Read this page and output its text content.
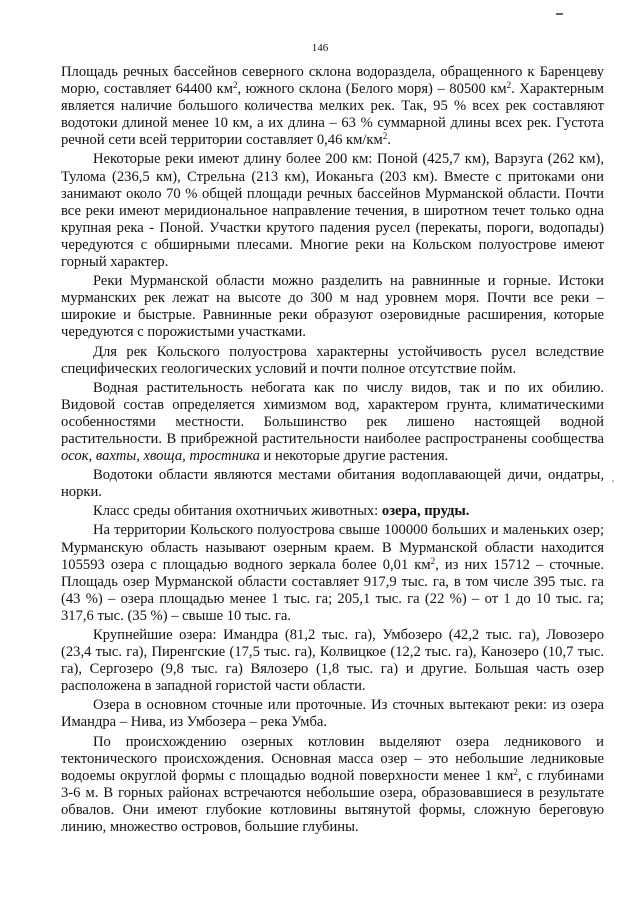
ʹ
146

Площадь речных бассейнов северного склона водораздела, обращенного к Баренцеву морю, составляет 64400 $км^2$, южного склона (Белого моря) – 80500 $км^2$. Характерным является наличие большого количества мелких рек. Так, 95 % всех рек составляют водотоки длиной менее 10 км, а их длина – 63 % суммарной длины всех рек. Густота речной сети всей территории составляет 0,46 $км/км^2$.

Некоторые реки имеют длину более 200 км: Поной (425,7 км), Варзуга (262 км), Тулома (236,5 км), Стрельна (213 км), Иоканьга (203 км). Вместе с притоками они занимают около 70 % общей площади речных бассейнов Мурманской области. Почти все реки имеют меридиональное направление течения, в широтном течет только одна крупная река - Поной. Участки крутого падения русел (перекаты, пороги, водопады) чередуются с обширными плесами. Многие реки на Кольском полуострове имеют горный характер.

Реки Мурманской области можно разделить на равнинные и горные. Истоки мурманских рек лежат на высоте до 300 м над уровнем моря. Почти все реки – широкие и быстрые. Равнинные реки образуют озеровидные расширения, которые чередуются с порожистыми участками.

Для рек Кольского полуострова характерны устойчивость русел вследствие специфических геологических условий и почти полное отсутствие пойм.

Водная растительность небогата как по числу видов, так и по их обилию. Видовой состав определяется химизмом вод, характером грунта, климатическими особенностями местности. Большинство рек лишено настоящей водной растительности. В прибрежной растительности наиболее распространены сообщества осок, вахты, хвоща, тростника и некоторые другие растения.

Водотоки области являются местами обитания водоплавающей дичи, ондатры, норки.

Класс среды обитания охотничьих животных: озера, пруды.

На территории Кольского полуострова свыше 100000 больших и маленьких озер; Мурманскую область называют озерным краем. В Мурманской области находится 105593 озера с площадью водного зеркала более 0,01 $км^2$, из них 15712 – сточные. Площадь озер Мурманской области составляет 917,9 тыс. га, в том числе 395 тыс. га (43 %) – озера площадью менее 1 тыс. га; 205,1 тыс. га (22 %) – от 1 до 10 тыс. га; 317,6 тыс. (35 %) – свыше 10 тыс. га.

Крупнейшие озера: Имандра (81,2 тыс. га), Умбозеро (42,2 тыс. га), Ловозеро (23,4 тыс. га), Пиренгские (17,5 тыс. га), Колвицкое (12,2 тыс. га), Канозеро (10,7 тыс. га), Сергозеро (9,8 тыс. га) Вялозеро (1,8 тыс. га) и другие. Большая часть озер расположена в западной гористой части области.

Озера в основном сточные или проточные. Из сточных вытекают реки: из озера Имандра – Нива, из Умбозера – река Умба.

По происхождению озерных котловин выделяют озера ледникового и тектонического происхождения. Основная масса озер – это небольшие ледниковые водоемы округлой формы с площадью водной поверхности менее 1 $км^2$, с глубинами 3-6 м. В горных районах встречаются небольшие озера, образовавшиеся в результате обвалов. Они имеют глубокие котловины вытянутой формы, сложную береговую линию, множество островов, большие глубины.
